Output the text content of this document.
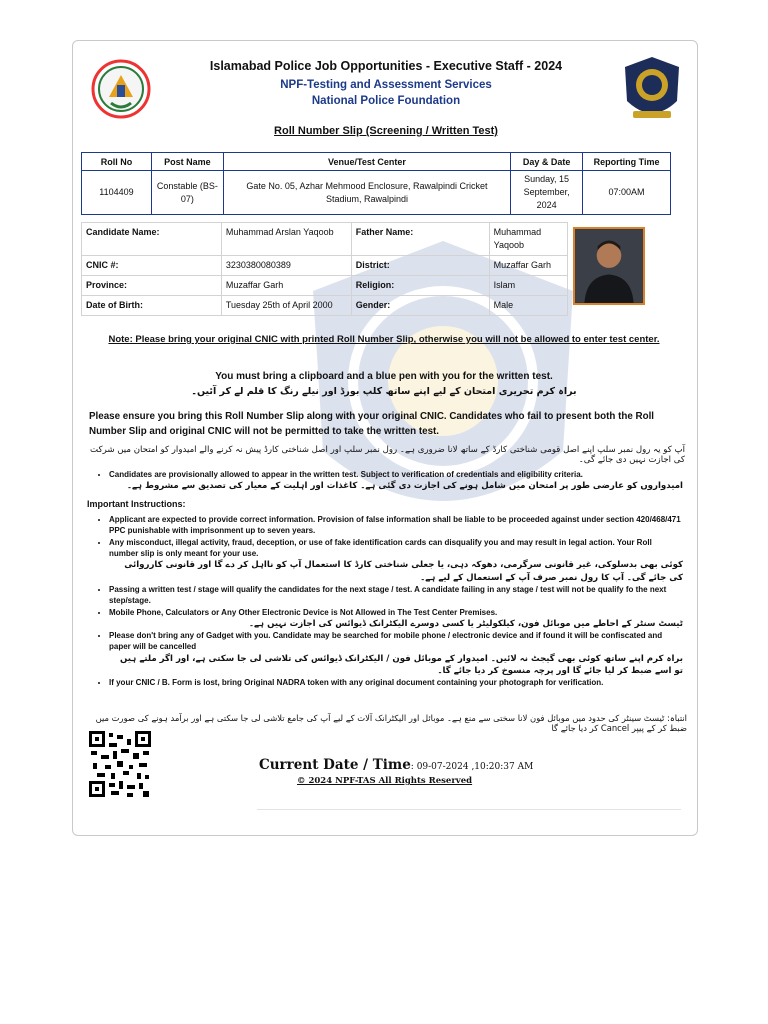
Islamabad Police Job Opportunities - Executive Staff - 2024
NPF-Testing and Assessment Services
National Police Foundation
Roll Number Slip (Screening / Written Test)
Roll No	Post Name	Venue/Test Center	Day & Date	Reporting Time
1104409	Constable (BS-07)	Gate No. 05, Azhar Mehmood Enclosure, Rawalpindi Cricket Stadium, Rawalpindi	Sunday, 15 September, 2024	07:00AM
Candidate Name:	Muhammad Arslan Yaqoob	Father Name:	Muhammad Yaqoob	
CNIC #:	3230380080389	District:	Muzaffar Garh	
Province:	Muzaffar Garh	Religion:	Islam	
Date of Birth:	Tuesday 25th of April 2000	Gender:	Male	
Note: Please bring your original CNIC with printed Roll Number Slip, otherwise you will not be allowed to enter test center.
You must bring a clipboard and a blue pen with you for the written test.
براہ کرم تحریری امتحان کے لیے اپنے ساتھ کلپ بورڈ اور نیلے رنگ کا قلم لے کر آئیں۔
Please ensure you bring this Roll Number Slip along with your original CNIC. Candidates who fail to present both the Roll Number Slip and original CNIC will not be permitted to take the written test.
آپ کو یہ رول نمبر سلپ اپنے اصل قومی شناختی کارڈ کے ساتھ لانا ضروری ہے۔ رول نمبر سلپ اور اصل شناختی کارڈ پیش نہ کرنے والے امیدوار کو امتحان میں شرکت کی اجازت نہیں دی جائے گی۔
• Candidates are provisionally allowed to appear in the written test. Subject to verification of credentials and eligibility criteria.
امیدواروں کو عارضی طور پر امتحان میں شامل ہونے کی اجازت دی گئی ہے۔ کاغذات اور اہلیت کے معیار کی تصدیق سے مشروط ہے۔
Important Instructions:
• Applicant are expected to provide correct information. Provision of false information shall be liable to be proceeded against under section 420/468/471 PPC punishable with imprisonment up to seven years.
• Any misconduct, illegal activity, fraud, deception, or use of fake identification cards can disqualify you and may result in legal action. Your Roll number slip is only meant for your use.
کوئی بھی بدسلوکی، غیر قانونی سرگرمی، دھوکہ دہی، یا جعلی شناختی کارڈ کا استعمال آپ کو نااہل کر دے گا اور قانونی کارروائی کی جائے گی۔ آپ کا رول نمبر صرف آپ کے استعمال کے لیے ہے۔
• Passing a written test / stage will qualify the candidates for the next stage / test. A candidate failing in any stage / test will not be qualify fo the next step/stage.
• Mobile Phone, Calculators or Any Other Electronic Device is Not Allowed in The Test Center Premises.
ٹیسٹ سنٹر کے احاطے میں موبائل فون، کیلکولیٹر یا کسی دوسرے الیکٹرانک ڈیوائس کی اجازت نہیں ہے۔
• Please don't bring any of Gadget with you. Candidate may be searched for mobile phone / electronic device and if found it will be confiscated and paper will be cancelled
براہ کرم اپنے ساتھ کوئی بھی گیجٹ نہ لائیں۔ امیدوار کے موبائل فون / الیکٹرانک ڈیوائس کی تلاشی لی جا سکتی ہے، اور اگر ملتے ہیں تو اسے ضبط کر لیا جائے گا اور پرچہ منسوخ کر دیا جائے گا۔
• If your CNIC / B. Form is lost, bring Original NADRA token with any original document containing your photograph for verification.
انتباہ: ٹیسٹ سینٹر کی حدود میں موبائل فون لانا سختی سے منع ہے۔ موبائل اور الیکٹرانک آلات کے لیے آپ کی جامع تلاشی لی جا سکتی ہے اور برآمد ہونے کی صورت میں ضبط کر کے پیپر Cancel کر دیا جائے گا
Current Date / Time: 09-07-2024 ,10:20:37 AM
© 2024 NPF-TAS All Rights Reserved
